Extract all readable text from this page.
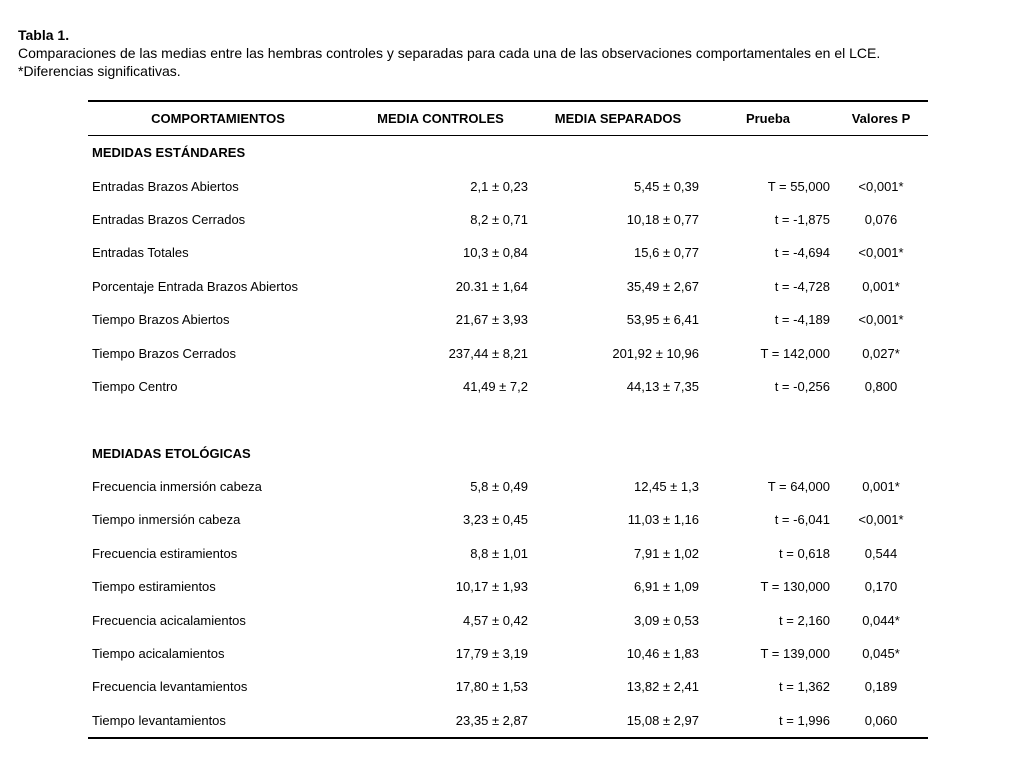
Tabla 1.
Comparaciones de las medias entre las hembras controles y separadas para cada una de las observaciones comportamentales en el LCE.
*Diferencias significativas.
COMPORTAMIENTOS	MEDIA CONTROLES	MEDIA SEPARADOS	Prueba	Valores P
MEDIDAS ESTÁNDARES
Entradas Brazos Abiertos	2,1 ± 0,23	5,45 ± 0,39	T = 55,000	<0,001*
Entradas Brazos Cerrados	8,2 ± 0,71	10,18 ± 0,77	t = -1,875	0,076
Entradas Totales	10,3 ± 0,84	15,6 ± 0,77	t = -4,694	<0,001*
Porcentaje Entrada Brazos Abiertos	20.31 ± 1,64	35,49 ± 2,67	t = -4,728	0,001*
Tiempo Brazos Abiertos	21,67 ± 3,93	53,95 ± 6,41	t = -4,189	<0,001*
Tiempo Brazos Cerrados	237,44 ± 8,21	201,92 ± 10,96	T = 142,000	0,027*
Tiempo Centro	41,49 ± 7,2	44,13 ± 7,35	t = -0,256	0,800
MEDIADAS ETOLÓGICAS
Frecuencia inmersión cabeza	5,8 ± 0,49	12,45 ± 1,3	T = 64,000	0,001*
Tiempo inmersión cabeza	3,23 ± 0,45	11,03 ± 1,16	t = -6,041	<0,001*
Frecuencia estiramientos	8,8 ± 1,01	7,91 ± 1,02	t = 0,618	0,544
Tiempo estiramientos	10,17 ± 1,93	6,91 ± 1,09	T = 130,000	0,170
Frecuencia acicalamientos	4,57 ± 0,42	3,09 ± 0,53	t = 2,160	0,044*
Tiempo acicalamientos	17,79 ± 3,19	10,46 ± 1,83	T = 139,000	0,045*
Frecuencia levantamientos	17,80 ± 1,53	13,82 ± 2,41	t = 1,362	0,189
Tiempo levantamientos	23,35 ± 2,87	15,08 ± 2,97	t = 1,996	0,060
